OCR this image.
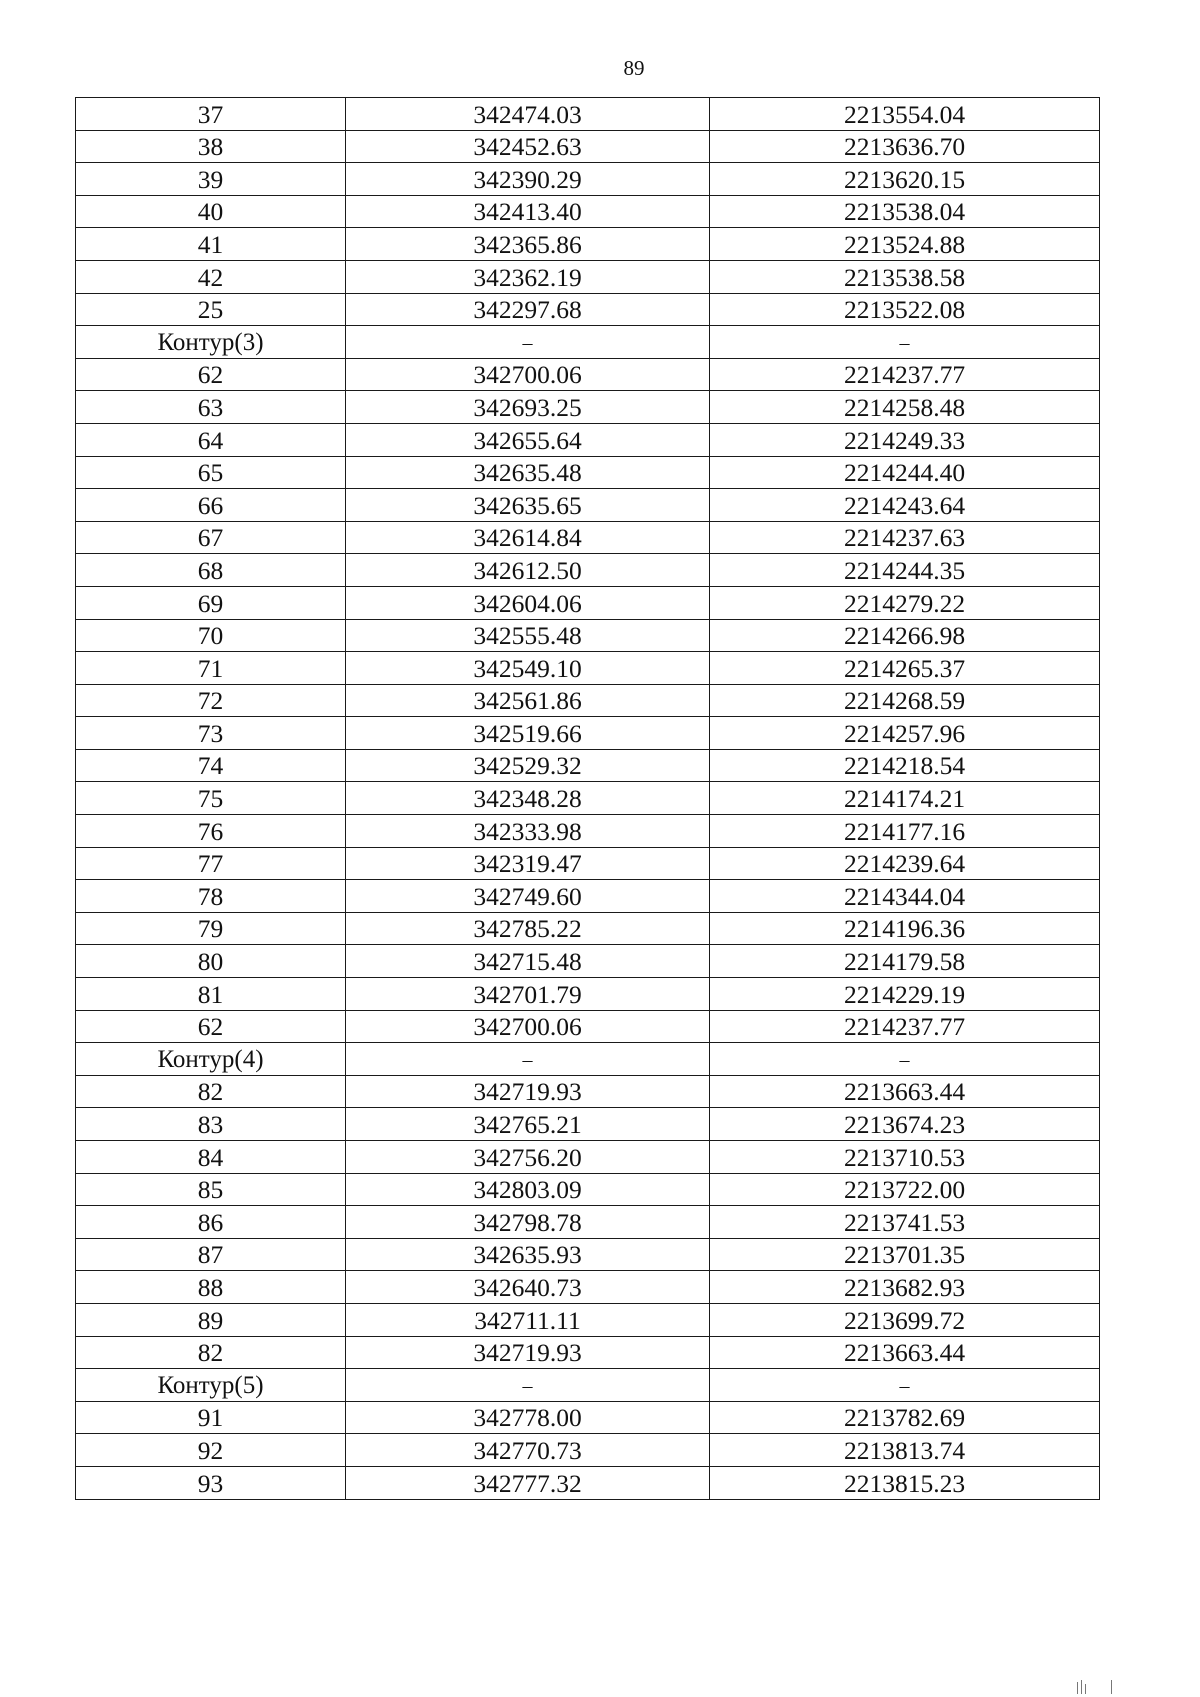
89
37	342474.03	2213554.04
38	342452.63	2213636.70
39	342390.29	2213620.15
40	342413.40	2213538.04
41	342365.86	2213524.88
42	342362.19	2213538.58
25	342297.68	2213522.08
Контур(3)	–	–
62	342700.06	2214237.77
63	342693.25	2214258.48
64	342655.64	2214249.33
65	342635.48	2214244.40
66	342635.65	2214243.64
67	342614.84	2214237.63
68	342612.50	2214244.35
69	342604.06	2214279.22
70	342555.48	2214266.98
71	342549.10	2214265.37
72	342561.86	2214268.59
73	342519.66	2214257.96
74	342529.32	2214218.54
75	342348.28	2214174.21
76	342333.98	2214177.16
77	342319.47	2214239.64
78	342749.60	2214344.04
79	342785.22	2214196.36
80	342715.48	2214179.58
81	342701.79	2214229.19
62	342700.06	2214237.77
Контур(4)	–	–
82	342719.93	2213663.44
83	342765.21	2213674.23
84	342756.20	2213710.53
85	342803.09	2213722.00
86	342798.78	2213741.53
87	342635.93	2213701.35
88	342640.73	2213682.93
89	342711.11	2213699.72
82	342719.93	2213663.44
Контур(5)	–	–
91	342778.00	2213782.69
92	342770.73	2213813.74
93	342777.32	2213815.23
